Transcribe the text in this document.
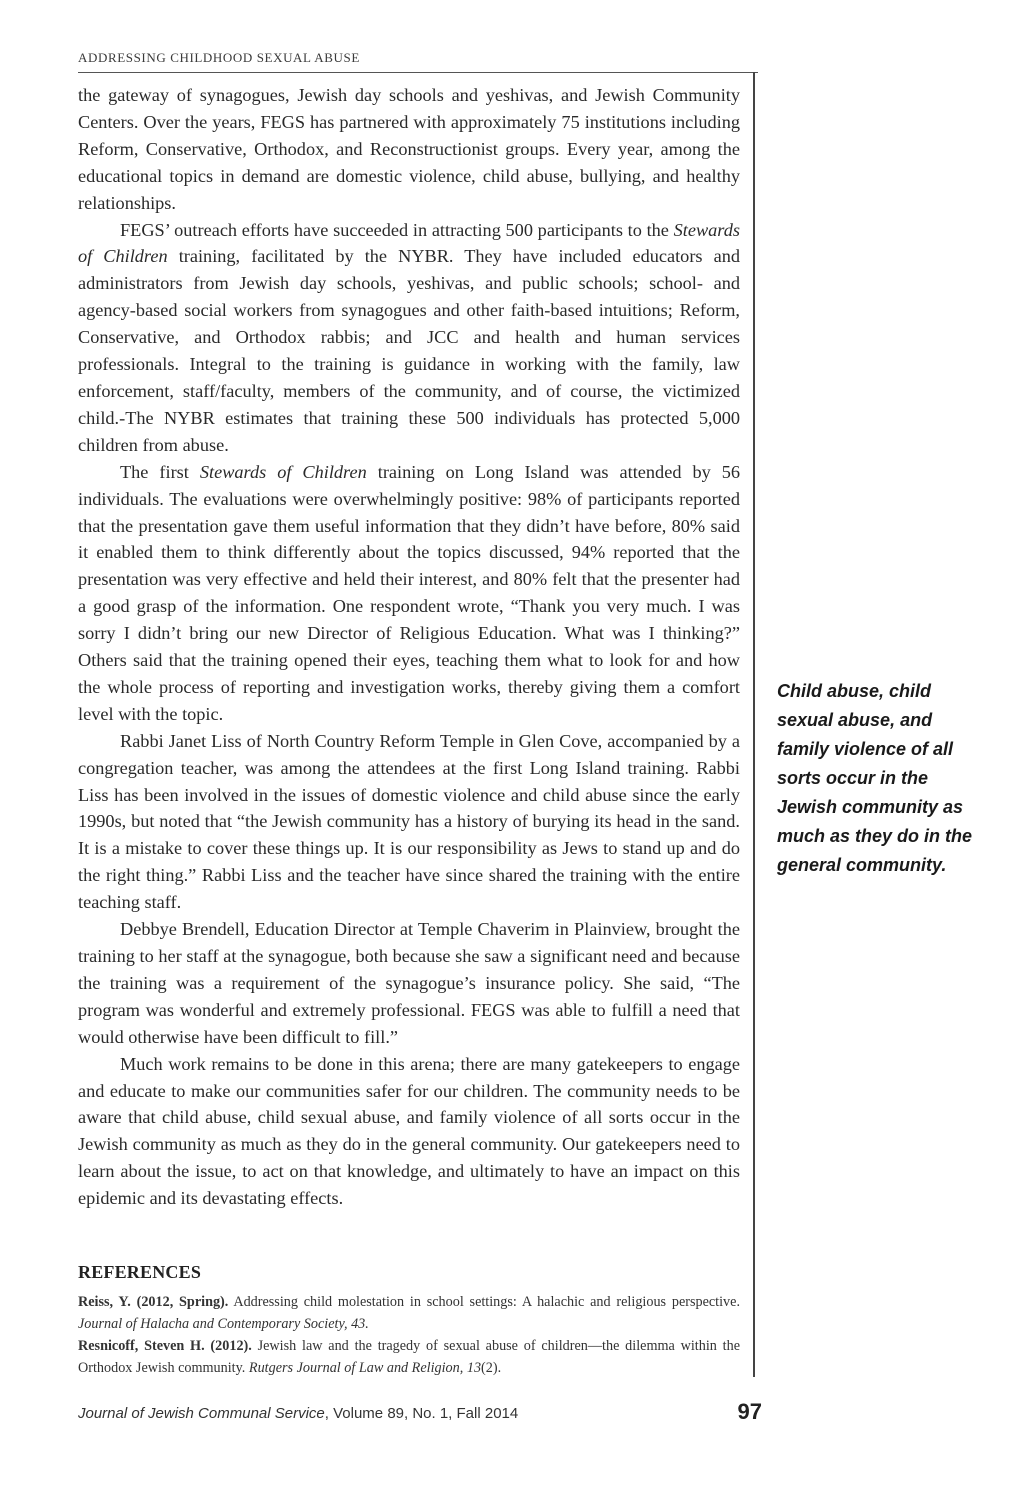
ADDRESSING CHILDHOOD SEXUAL ABUSE

the gateway of synagogues, Jewish day schools and yeshivas, and Jewish Community Centers. Over the years, FEGS has partnered with approximately 75 institutions including Reform, Conservative, Orthodox, and Reconstructionist groups. Every year, among the educational topics in demand are domestic violence, child abuse, bullying, and healthy relationships.

FEGS’ outreach efforts have succeeded in attracting 500 participants to the Stewards of Children training, facilitated by the NYBR. They have included educators and administrators from Jewish day schools, yeshivas, and public schools; school- and agency-based social workers from synagogues and other faith-based intuitions; Reform, Conservative, and Orthodox rabbis; and JCC and health and human services professionals. Integral to the training is guidance in working with the family, law enforcement, staff/faculty, members of the community, and of course, the victimized child.-The NYBR estimates that training these 500 individuals has protected 5,000 children from abuse.

The first Stewards of Children training on Long Island was attended by 56 individuals. The evaluations were overwhelmingly positive: 98% of participants reported that the presentation gave them useful information that they didn’t have before, 80% said it enabled them to think differently about the topics discussed, 94% reported that the presentation was very effective and held their interest, and 80% felt that the presenter had a good grasp of the information. One respondent wrote, “Thank you very much. I was sorry I didn’t bring our new Director of Religious Education. What was I thinking?” Others said that the training opened their eyes, teaching them what to look for and how the whole process of reporting and investigation works, thereby giving them a comfort level with the topic.

Rabbi Janet Liss of North Country Reform Temple in Glen Cove, accompanied by a congregation teacher, was among the attendees at the first Long Island training. Rabbi Liss has been involved in the issues of domestic violence and child abuse since the early 1990s, but noted that “the Jewish community has a history of burying its head in the sand. It is a mistake to cover these things up. It is our responsibility as Jews to stand up and do the right thing.” Rabbi Liss and the teacher have since shared the training with the entire teaching staff.

Debbye Brendell, Education Director at Temple Chaverim in Plainview, brought the training to her staff at the synagogue, both because she saw a significant need and because the training was a requirement of the synagogue’s insurance policy. She said, “The program was wonderful and extremely professional. FEGS was able to fulfill a need that would otherwise have been difficult to fill.”

Much work remains to be done in this arena; there are many gatekeepers to engage and educate to make our communities safer for our children. The community needs to be aware that child abuse, child sexual abuse, and family violence of all sorts occur in the Jewish community as much as they do in the general community. Our gatekeepers need to learn about the issue, to act on that knowledge, and ultimately to have an impact on this epidemic and its devastating effects.

REFERENCES

Reiss, Y. (2012, Spring). Addressing child molestation in school settings: A halachic and religious perspective. Journal of Halacha and Contemporary Society, 43.

Resnicoff, Steven H. (2012). Jewish law and the tragedy of sexual abuse of children—the dilemma within the Orthodox Jewish community. Rutgers Journal of Law and Religion, 13(2).

Child abuse, child sexual abuse, and family violence of all sorts occur in the Jewish community as much as they do in the general community.
Journal of Jewish Communal Service, Volume 89, No. 1, Fall 2014	97
